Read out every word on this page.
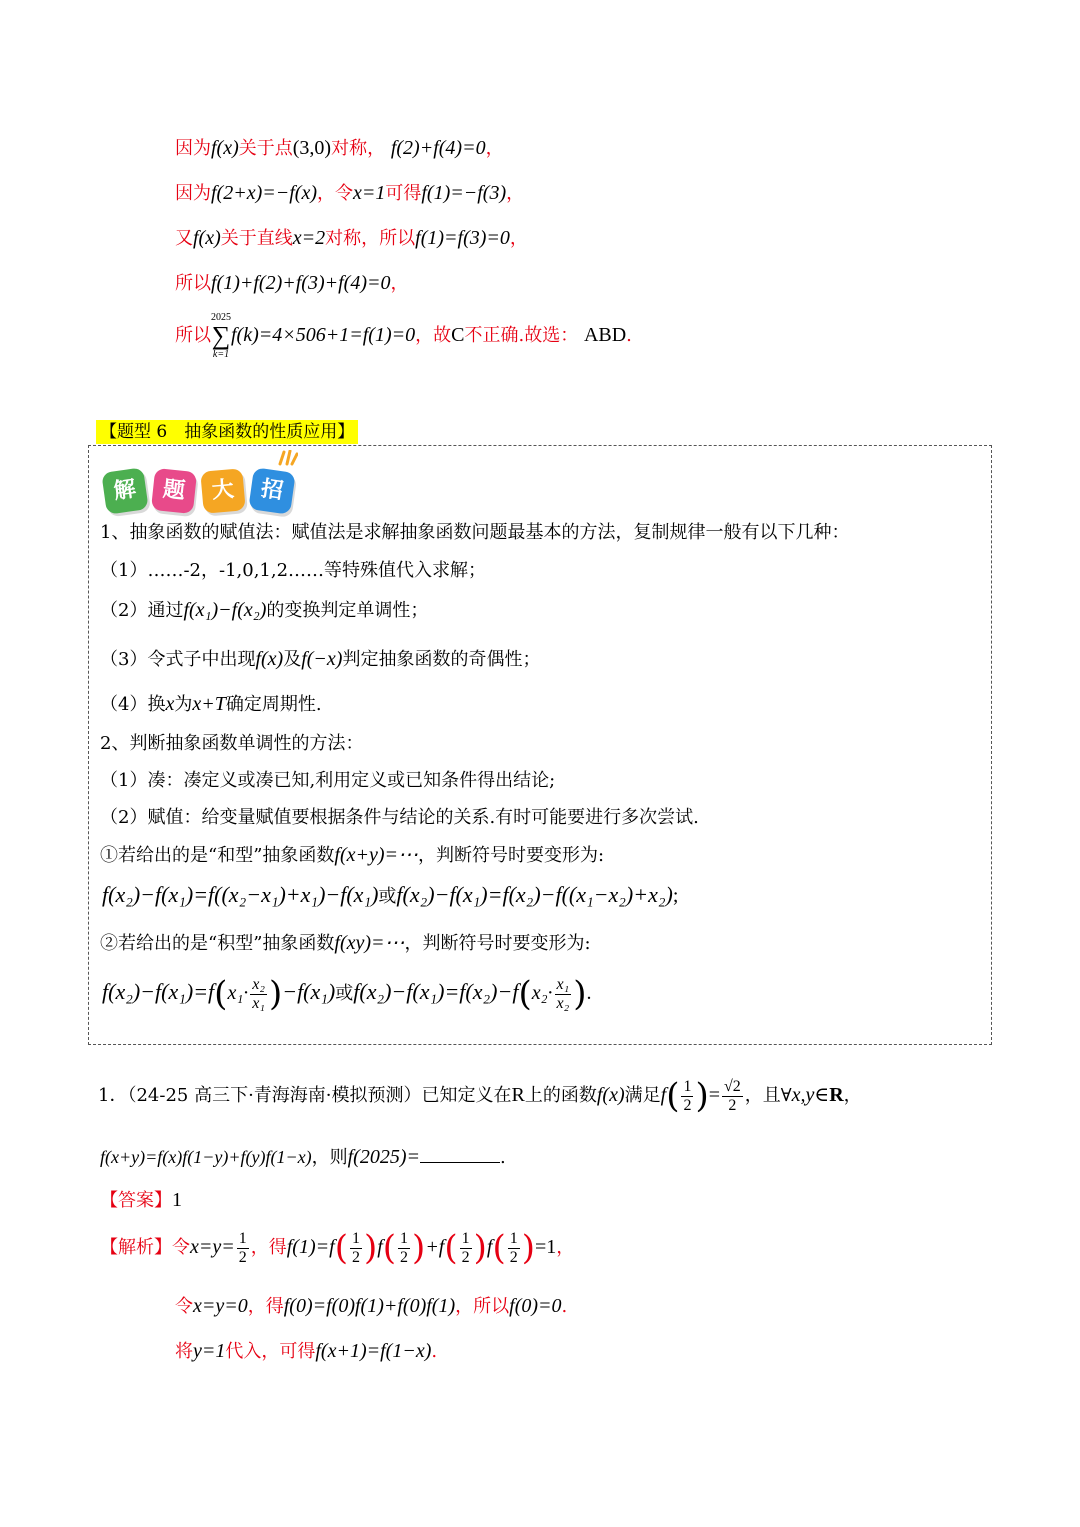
因为f(x)关于点(3,0)对称， f(2)+f(4)=0，
因为f(2+x)=−f(x)，令x=1可得f(1)=−f(3)，
又f(x)关于直线x=2对称，所以f(1)=f(3)=0，
所以f(1)+f(2)+f(3)+f(4)=0，
所以2025
∑
k=1f(k)=4×506+1=f(1)=0，故C不正确.故选： ABD.
【题型 6　抽象函数的性质应用】
解	题	大	招
1、抽象函数的赋值法：赋值法是求解抽象函数问题最基本的方法，复制规律一般有以下几种：
（1）……-2，-1,0,1,2……等特殊值代入求解；
（2）通过f(x₁)−f(x₂)的变换判定单调性；
（3）令式子中出现f(x)及f(−x)判定抽象函数的奇偶性；
（4）换x为x+T确定周期性.
2、判断抽象函数单调性的方法：
（1）凑：凑定义或凑已知,利用定义或已知条件得出结论;
（2）赋值：给变量赋值要根据条件与结论的关系.有时可能要进行多次尝试.
①若给出的是“和型”抽象函数f(x+y)=⋯，判断符号时要变形为:
f(x₂)−f(x₁)=f((x₂−x₁)+x₁)−f(x₁)或f(x₂)−f(x₁)=f(x₂)−f((x₁−x₂)+x₂);
②若给出的是“积型”抽象函数f(xy)=⋯，判断符号时要变形为:
$f(x_2)-f(x_1)=f(x_1\cdot \frac{\text{x₂}}{\text{x₁}} )-f(x_1)$或$f(x_2)-f(x_1)=f(x_2)-f(x_2\cdot \frac{\text{x₁}}{\text{x₂}}$ ).
1．（24-25 高三下·青海海南·模拟预测）已知定义在R上的函数f(x)满足$f( \frac{1}{2}$ )= $\frac{√2}{2}$ ，且∀x,y∈R，
f(x+y)=f(x)f(1−y)+f(y)f(1−x)，则f(2025)=	.
【答案】1
【解析】令$x=y= \frac{1}{2}$ ，得$f(1)=f( \frac{1}{2} )f( \frac{1}{2} )+f( \frac{1}{2} )f( \frac{1}{2} )=1$，
令x=y=0，得f(0)=f(0)f(1)+f(0)f(1)，所以f(0)=0.
将y=1代入，可得f(x+1)=f(1−x).
